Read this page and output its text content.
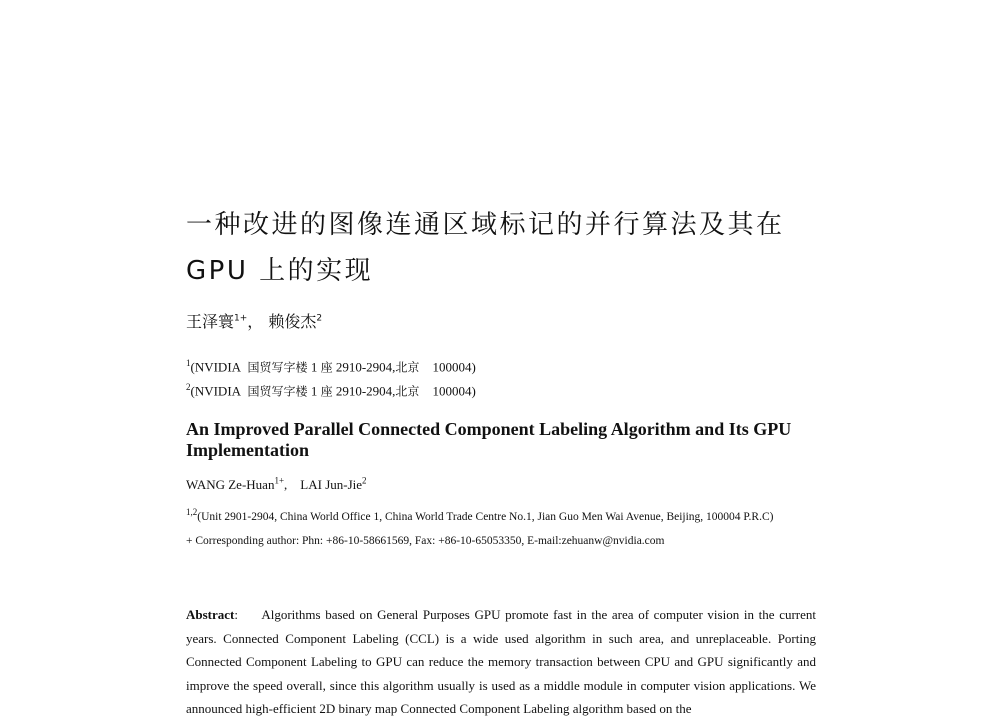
一种改进的图像连通区域标记的并行算法及其在
GPU 上的实现
王泽寰$^{1+}$， 赖俊杰$^2$
$^1$(NVIDIA 国贸写字楼 1 座 2910-2904,北京 100004)
$^2$(NVIDIA 国贸写字楼 1 座 2910-2904,北京 100004)
An Improved Parallel Connected Component Labeling Algorithm and Its GPU Implementation
WANG Ze-Huan$^{1+}$, LAI Jun-Jie$^2$
$^{1,2}$(Unit 2901-2904, China World Office 1, China World Trade Centre No.1, Jian Guo Men Wai Avenue, Beijing, 100004 P.R.C)
+ Corresponding author: Phn: +86-10-58661569, Fax: +86-10-65053350, E-mail:zehuanw@nvidia.com
Abstract: Algorithms based on General Purposes GPU promote fast in the area of computer vision in the current years. Connected Component Labeling (CCL) is a wide used algorithm in such area, and unreplaceable. Porting Connected Component Labeling to GPU can reduce the memory transaction between CPU and GPU significantly and improve the speed overall, since this algorithm usually is used as a middle module in computer vision applications. We announced high-efficient 2D binary map Connected Component Labeling algorithm based on the
